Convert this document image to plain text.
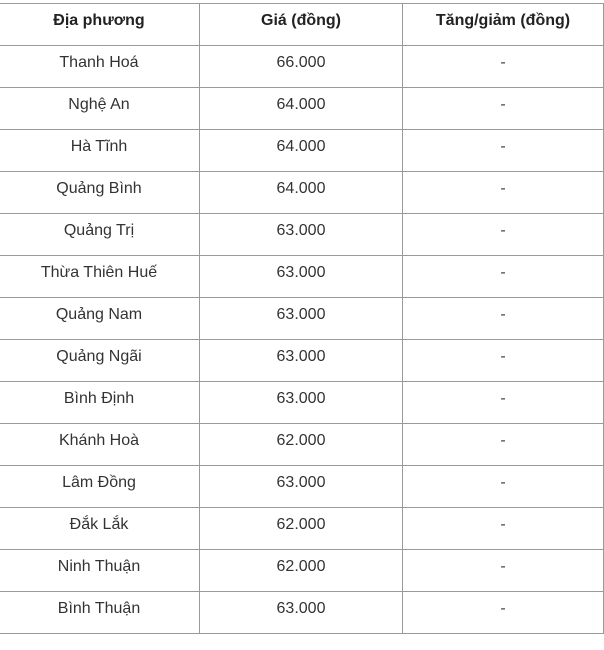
Địa phương	Giá (đồng)	Tăng/giảm (đồng)
Thanh Hoá	66.000	-
Nghệ An	64.000	-
Hà Tĩnh	64.000	-
Quảng Bình	64.000	-
Quảng Trị	63.000	-
Thừa Thiên Huế	63.000	-
Quảng Nam	63.000	-
Quảng Ngãi	63.000	-
Bình Định	63.000	-
Khánh Hoà	62.000	-
Lâm Đồng	63.000	-
Đắk Lắk	62.000	-
Ninh Thuận	62.000	-
Bình Thuận	63.000	-
